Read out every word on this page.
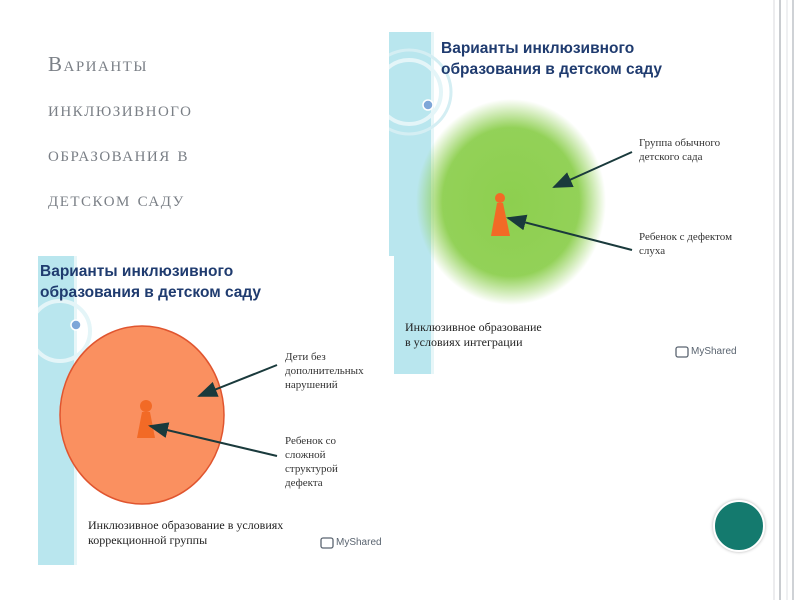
Варианты
инклюзивного
образования в
детском саду
Варианты инклюзивного
образования в детском саду
Группа обычного детского сада
Ребенок с дефектом слуха
Инклюзивное образование
в условиях интеграции
MyShared
Варианты инклюзивного
образования в детском саду
Дети без дополнительных нарушений
Ребенок со сложной структурой дефекта
Инклюзивное образование в условиях
коррекционной группы	MyShared
